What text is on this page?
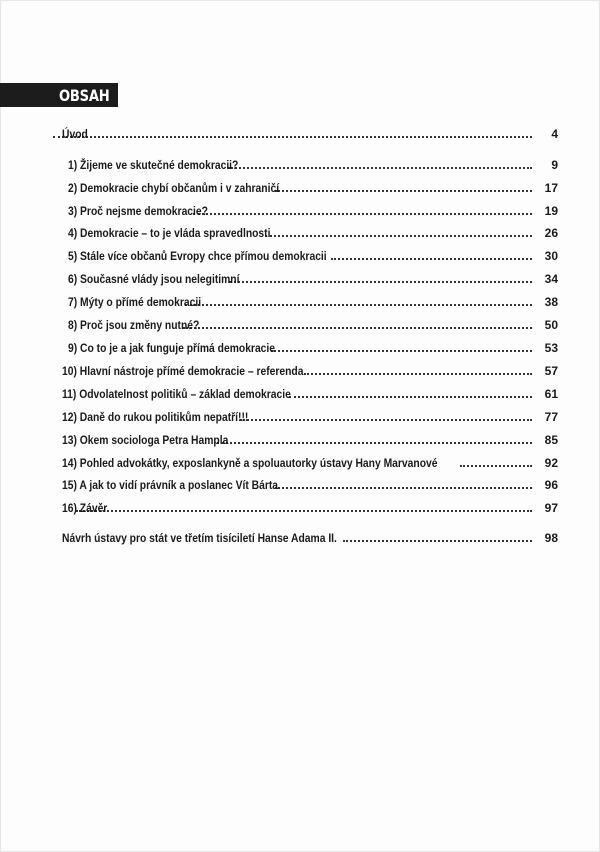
OBSAH
Úvod	4
1) Žijeme ve skutečné demokracii?	9
2) Demokracie chybí občanům i v zahraničí	17
3) Proč nejsme demokracie?	19
4) Demokracie – to je vláda spravedlnosti	26
5) Stále více občanů Evropy chce přímou demokracii	30
6) Současné vlády jsou nelegitimní	34
7) Mýty o přímé demokracii	38
8) Proč jsou změny nutné?	50
9) Co to je a jak funguje přímá demokracie	53
10) Hlavní nástroje přímé demokracie – referenda	57
11) Odvolatelnost politiků – základ demokracie	61
12) Daně do rukou politikům nepatří!!!	77
13) Okem sociologa Petra Hampla	85
14) Pohled advokátky, exposlankyně a spoluautorky ústavy Hany Marvanové	92
15) A jak to vidí právník a poslanec Vít Bárta	96
16) Závěr	97
Návrh ústavy pro stát ve třetím tisíciletí Hanse Adama II.	98
